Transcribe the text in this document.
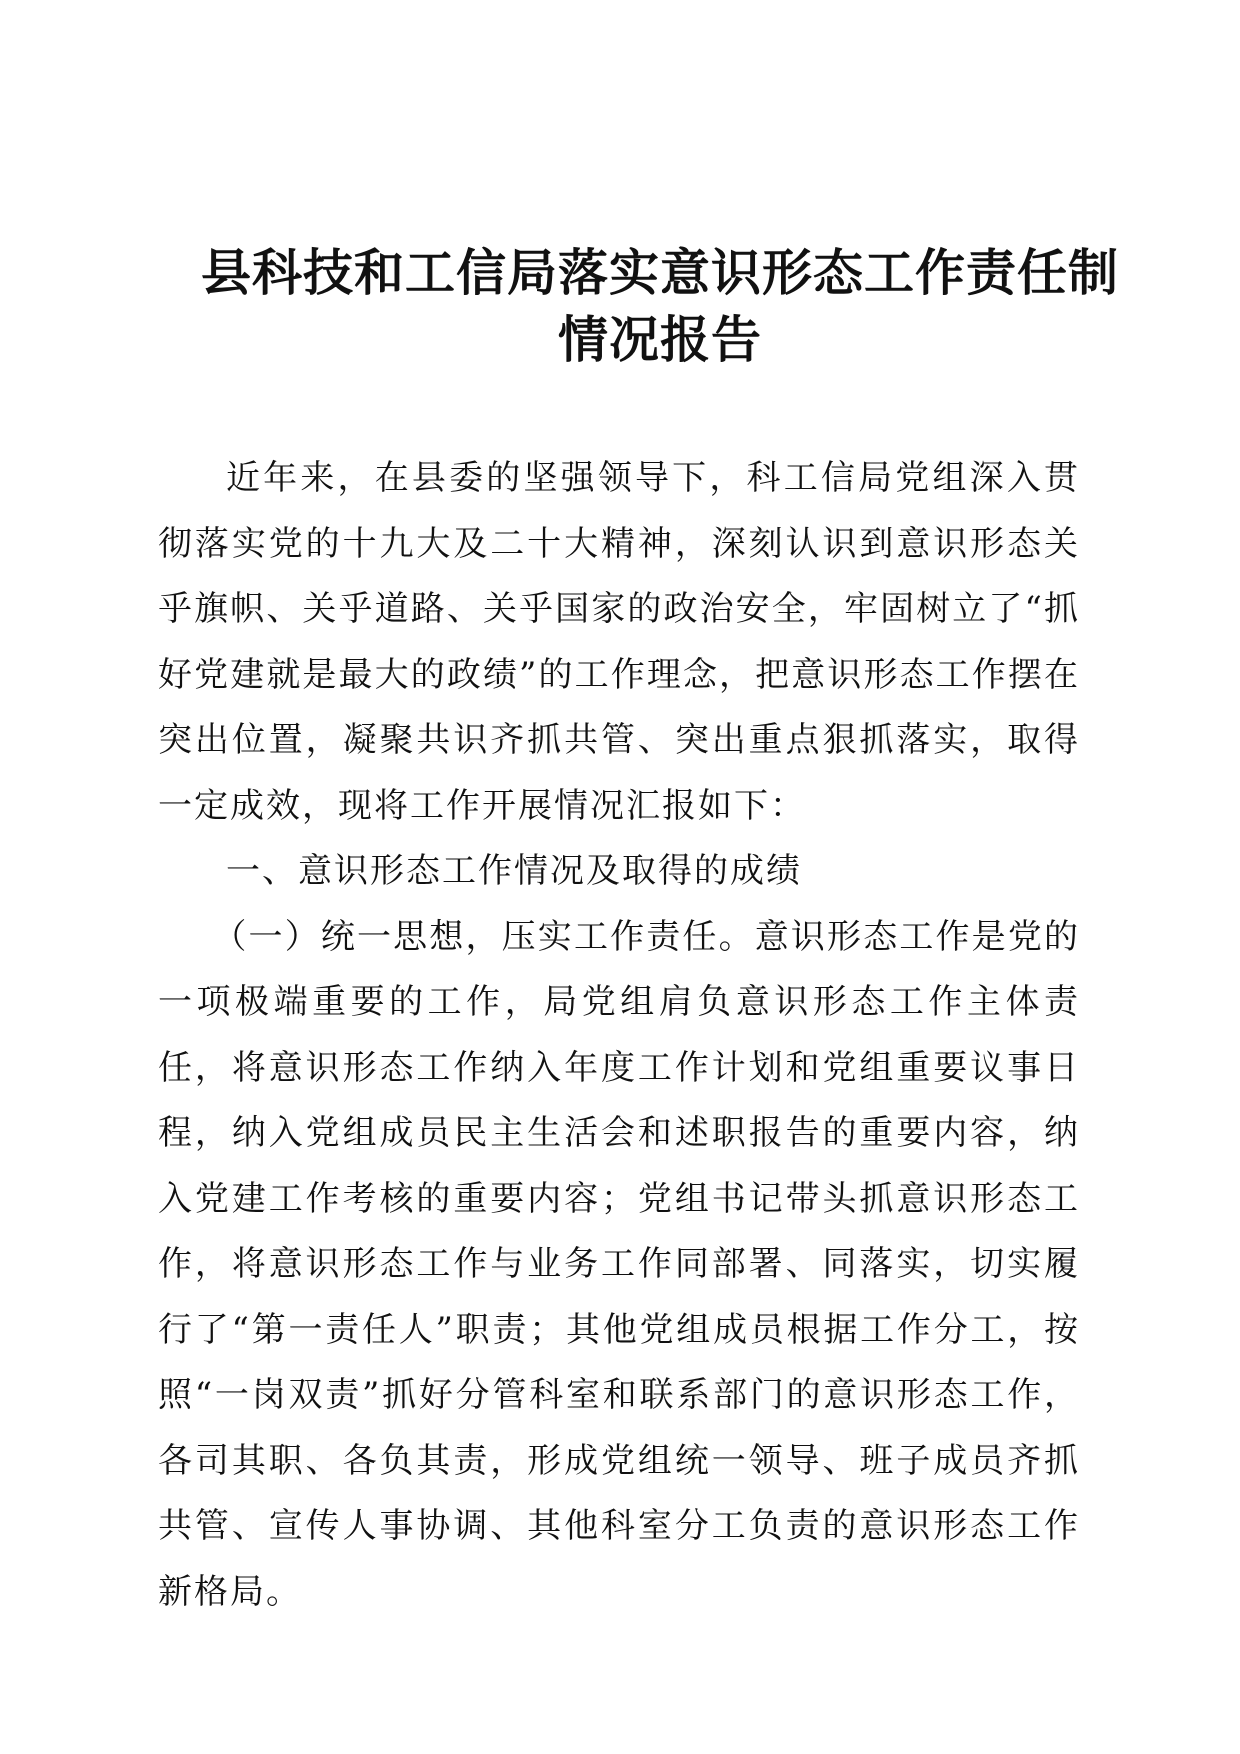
县科技和工信局落实意识形态工作责任制
情况报告

近年来，在县委的坚强领导下，科工信局党组深入贯彻落实党的十九大及二十大精神，深刻认识到意识形态关乎旗帜、关乎道路、关乎国家的政治安全，牢固树立了“抓好党建就是最大的政绩”的工作理念，把意识形态工作摆在突出位置，凝聚共识齐抓共管、突出重点狠抓落实，取得一定成效，现将工作开展情况汇报如下：

一、意识形态工作情况及取得的成绩

（一）统一思想，压实工作责任。意识形态工作是党的一项极端重要的工作，局党组肩负意识形态工作主体责任，将意识形态工作纳入年度工作计划和党组重要议事日程，纳入党组成员民主生活会和述职报告的重要内容，纳入党建工作考核的重要内容；党组书记带头抓意识形态工作，将意识形态工作与业务工作同部署、同落实，切实履行了“第一责任人”职责；其他党组成员根据工作分工，按照“一岗双责”抓好分管科室和联系部门的意识形态工作，各司其职、各负其责，形成党组统一领导、班子成员齐抓共管、宣传人事协调、其他科室分工负责的意识形态工作新格局。
